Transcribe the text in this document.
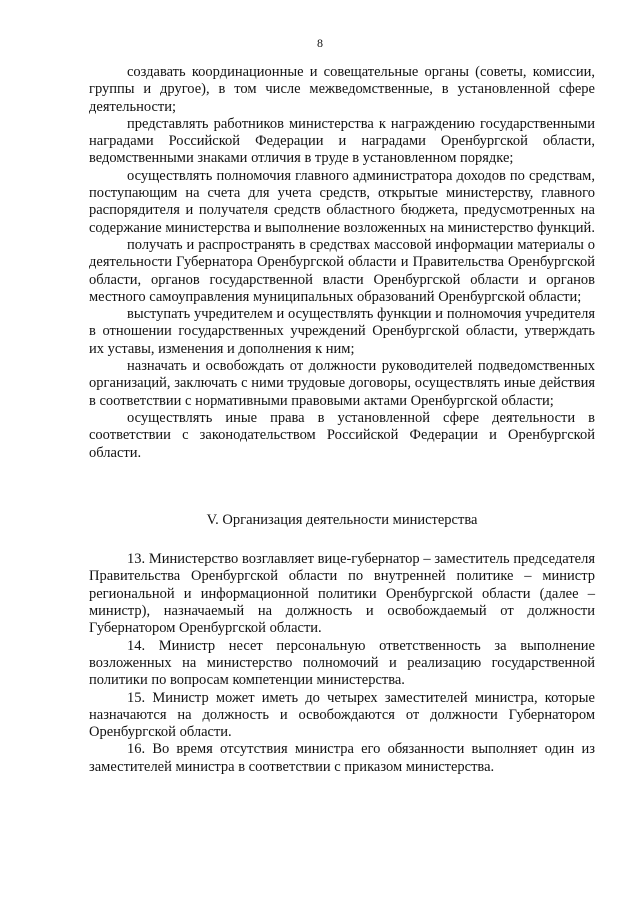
8

создавать координационные и совещательные органы (советы, комиссии, группы и другое), в том числе межведомственные, в установленной сфере деятельности;

представлять работников министерства к награждению государственными наградами Российской Федерации и наградами Оренбургской области, ведомственными знаками отличия в труде в установленном порядке;

осуществлять полномочия главного администратора доходов по средствам, поступающим на счета для учета средств, открытые министерству, главного распорядителя и получателя средств областного бюджета, предусмотренных на содержание министерства и выполнение возложенных на министерство функций.

получать и распространять в средствах массовой информации материалы о деятельности Губернатора Оренбургской области и Правительства Оренбургской области, органов государственной власти Оренбургской области и органов местного самоуправления муниципальных образований Оренбургской области;

выступать учредителем и осуществлять функции и полномочия учредителя в отношении государственных учреждений Оренбургской области, утверждать их уставы, изменения и дополнения к ним;

назначать и освобождать от должности руководителей подведомственных организаций, заключать с ними трудовые договоры, осуществлять иные действия в соответствии с нормативными правовыми актами Оренбургской области;

осуществлять иные права в установленной сфере деятельности в соответствии с законодательством Российской Федерации и Оренбургской области.

V. Организация деятельности министерства

13. Министерство возглавляет вице-губернатор – заместитель председателя Правительства Оренбургской области по внутренней политике – министр региональной и информационной политики Оренбургской области (далее – министр), назначаемый на должность и освобождаемый от должности Губернатором Оренбургской области.

14. Министр несет персональную ответственность за выполнение возложенных на министерство полномочий и реализацию государственной политики по вопросам компетенции министерства.

15. Министр может иметь до четырех заместителей министра, которые назначаются на должность и освобождаются от должности Губернатором Оренбургской области.

16. Во время отсутствия министра его обязанности выполняет один из заместителей министра в соответствии с приказом министерства.
